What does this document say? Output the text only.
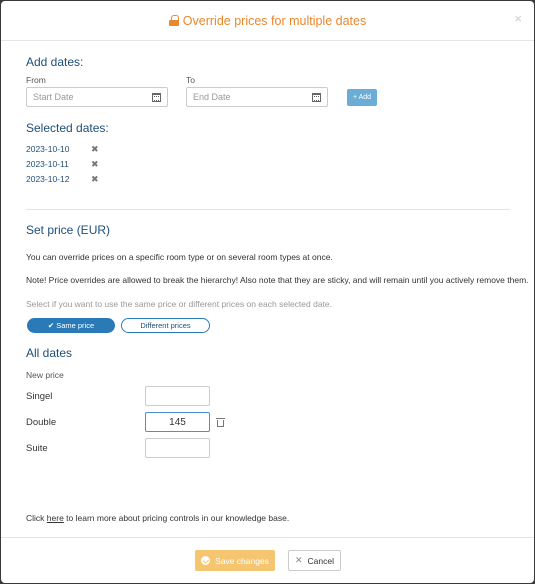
Override prices for multiple dates	×
Add dates:
From	To
Start Date	End Date	+ Add
Selected dates:
2023-10-10 ✖
2023-10-11 ✖
2023-10-12 ✖
Set price (EUR)

You can override prices on a specific room type or on several room types at once.

Note! Price overrides are allowed to break the hierarchy! Also note that they are sticky, and will remain until you actively remove them.

Select if you want to use the same price or different prices on each selected date.

✔ Same price	Different prices
All dates
New price
Singel
Double	145
Suite

Click here to learn more about pricing controls in our knowledge base.

Save changes	✕ Cancel
